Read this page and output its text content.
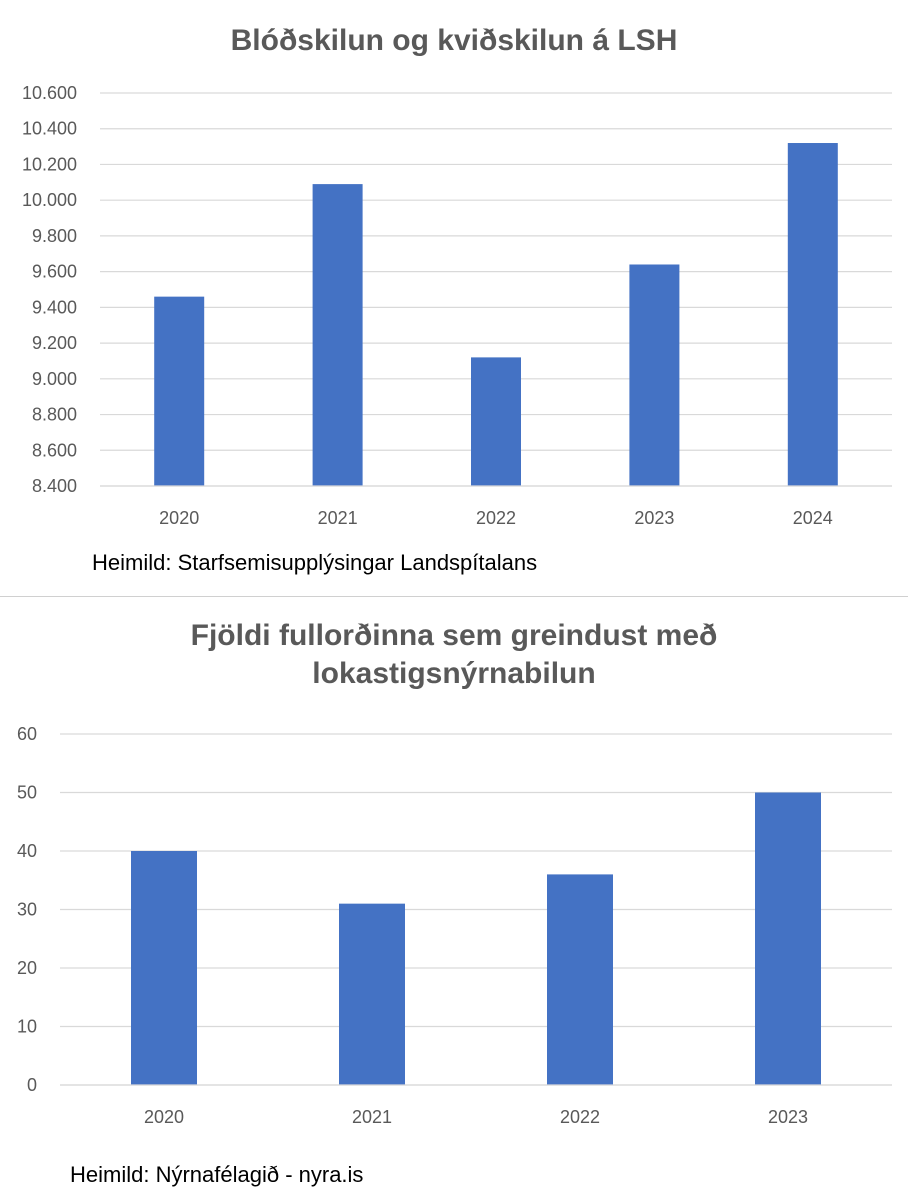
Blóðskilun og kviðskilun á LSH
8.400
8.600
8.800
9.000
9.200
9.400
9.600
9.800
10.000
10.200
10.400
10.600
2020	2021	2022	2023	2024
Heimild: Starfsemisupplýsingar Landspítalans
Fjöldi fullorðinna sem greindust með
lokastigsnýrnabilun
0
10
20
30
40
50
60
2020	2021	2022	2023
Heimild: Nýrnafélagið - nyra.is
